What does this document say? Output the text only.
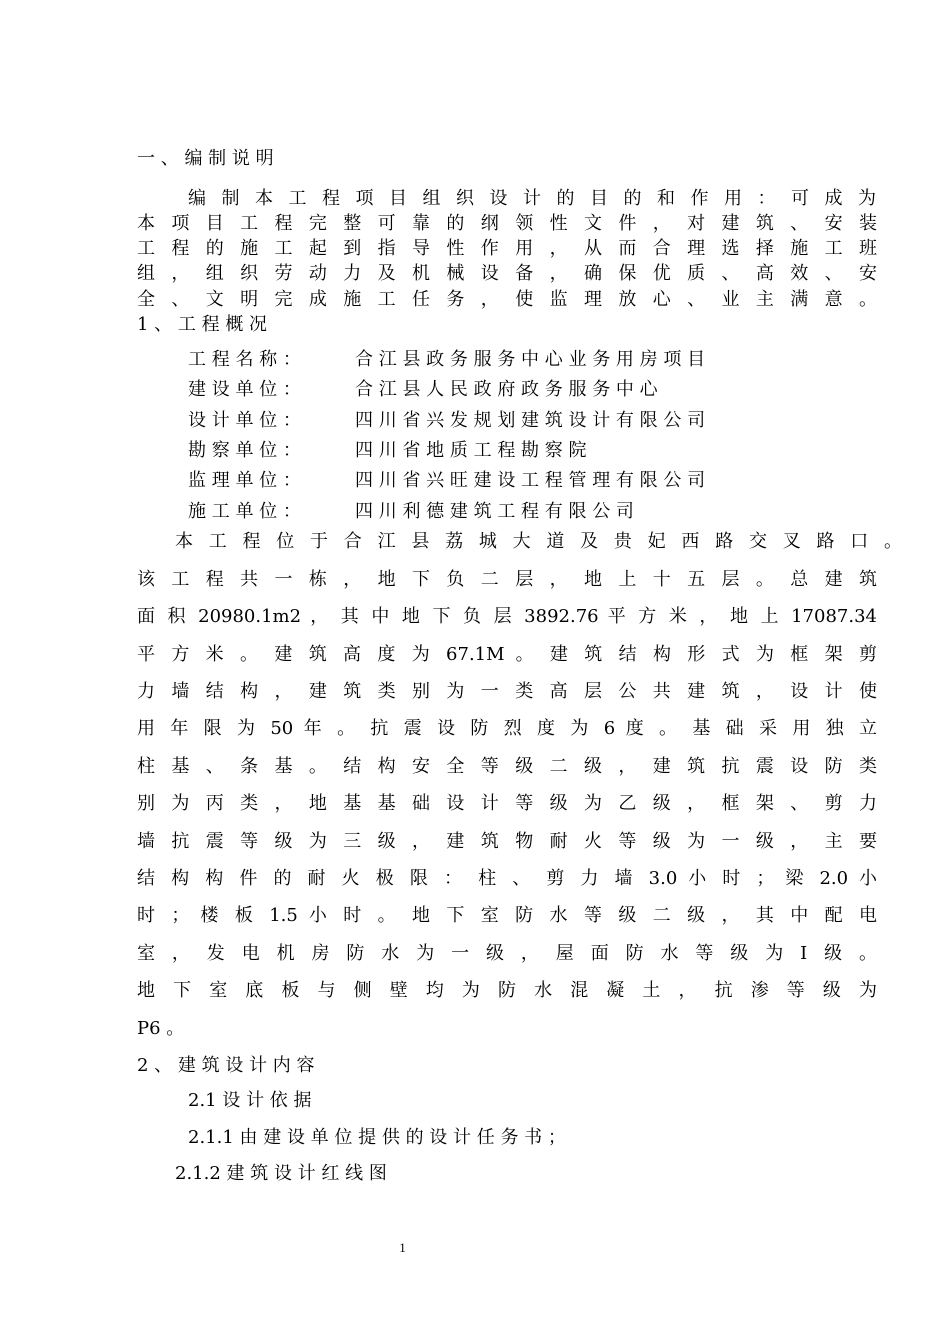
一 、 编 制 说 明
编 制 本 工 程 项 目 组 织 设 计 的 目 的 和 作 用 ： 可 成 为
本 项 目 工 程 完 整 可 靠 的 纲 领 性 文 件 ， 对 建 筑 、 安 装
工 程 的 施 工 起 到 指 导 性 作 用 ， 从 而 合 理 选 择 施 工 班
组 ， 组 织 劳 动 力 及 机 械 设 备 ， 确 保 优 质 、 高 效 、 安
全 、 文 明 完 成 施 工 任 务 ， 使 监 理 放 心 、 业 主 满 意 。
1 、 工 程 概 况
工 程 名 称 ：	合 江 县 政 务 服 务 中 心 业 务 用 房 项 目
建 设 单 位 ：	合 江 县 人 民 政 府 政 务 服 务 中 心
设 计 单 位 ：	四 川 省 兴 发 规 划 建 筑 设 计 有 限 公 司
勘 察 单 位 ：	四 川 省 地 质 工 程 勘 察 院
监 理 单 位 ：	四 川 省 兴 旺 建 设 工 程 管 理 有 限 公 司
施 工 单 位 ：	四 川 利 德 建 筑 工 程 有 限 公 司
本 工 程 位 于 合 江 县 荔 城 大 道 及 贵 妃 西 路 交 叉 路 口 。
该 工 程 共 一 栋 ， 地 下 负 二 层 ， 地 上 十 五 层 。 总 建 筑
面 积 20980.1m2 ， 其 中 地 下 负 层 3892.76 平 方 米 ， 地 上 17087.34
平 方 米 。 建 筑 高 度 为 67.1M 。 建 筑 结 构 形 式 为 框 架 剪
力 墙 结 构 ， 建 筑 类 别 为 一 类 高 层 公 共 建 筑 ， 设 计 使
用 年 限 为 50 年 。 抗 震 设 防 烈 度 为 6 度 。 基 础 采 用 独 立
柱 基 、 条 基 。 结 构 安 全 等 级 二 级 ， 建 筑 抗 震 设 防 类
别 为 丙 类 ， 地 基 基 础 设 计 等 级 为 乙 级 ， 框 架 、 剪 力
墙 抗 震 等 级 为 三 级 ， 建 筑 物 耐 火 等 级 为 一 级 ， 主 要
结 构 构 件 的 耐 火 极 限 ： 柱 、 剪 力 墙 3.0 小 时 ； 梁 2.0 小
时 ； 楼 板 1.5 小 时 。 地 下 室 防 水 等 级 二 级 ， 其 中 配 电
室 ， 发 电 机 房 防 水 为 一 级 ， 屋 面 防 水 等 级 为 Ⅰ 级 。
地 下 室 底 板 与 侧 壁 均 为 防 水 混 凝 土 ， 抗 渗 等 级 为
P6 。
2 、 建 筑 设 计 内 容
2.1 设 计 依 据
2.1.1 由 建 设 单 位 提 供 的 设 计 任 务 书 ；
2.1.2 建 筑 设 计 红 线 图
1
